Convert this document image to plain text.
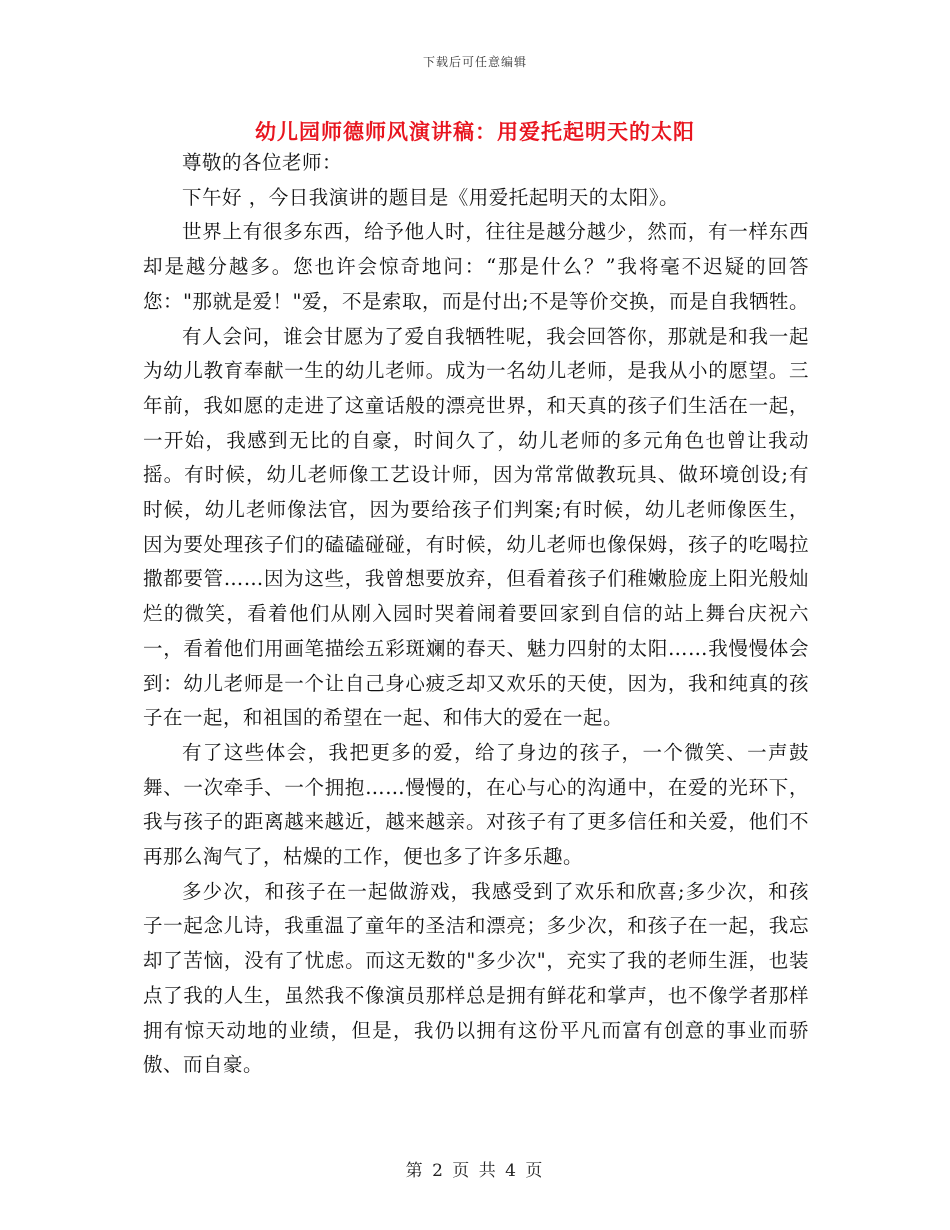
下载后可任意编辑
幼儿园师德师风演讲稿：用爱托起明天的太阳

尊敬的各位老师：

下午好 ，今日我演讲的题目是《用爱托起明天的太阳》。

世界上有很多东西，给予他人时，往往是越分越少，然而，有一样东西却是越分越多。您也许会惊奇地问：“那是什么？”我将毫不迟疑的回答您："那就是爱！"爱，不是索取，而是付出;不是等价交换，而是自我牺牲。

有人会问，谁会甘愿为了爱自我牺牲呢，我会回答你，那就是和我一起为幼儿教育奉献一生的幼儿老师。成为一名幼儿老师，是我从小的愿望。三年前，我如愿的走进了这童话般的漂亮世界，和天真的孩子们生活在一起，一开始，我感到无比的自豪，时间久了，幼儿老师的多元角色也曾让我动摇。有时候，幼儿老师像工艺设计师，因为常常做教玩具、做环境创设;有时候，幼儿老师像法官，因为要给孩子们判案;有时候，幼儿老师像医生，因为要处理孩子们的磕磕碰碰，有时候，幼儿老师也像保姆，孩子的吃喝拉撒都要管……因为这些，我曾想要放弃，但看着孩子们稚嫩脸庞上阳光般灿烂的微笑，看着他们从刚入园时哭着闹着要回家到自信的站上舞台庆祝六一，看着他们用画笔描绘五彩斑斓的春天、魅力四射的太阳……我慢慢体会到：幼儿老师是一个让自己身心疲乏却又欢乐的天使，因为，我和纯真的孩子在一起，和祖国的希望在一起、和伟大的爱在一起。

有了这些体会，我把更多的爱，给了身边的孩子，一个微笑、一声鼓舞、一次牵手、一个拥抱……慢慢的，在心与心的沟通中，在爱的光环下，我与孩子的距离越来越近，越来越亲。对孩子有了更多信任和关爱，他们不再那么淘气了，枯燥的工作，便也多了许多乐趣。

多少次，和孩子在一起做游戏，我感受到了欢乐和欣喜;多少次，和孩子一起念儿诗，我重温了童年的圣洁和漂亮；多少次，和孩子在一起，我忘却了苦恼，没有了忧虑。而这无数的"多少次"，充实了我的老师生涯，也装点了我的人生，虽然我不像演员那样总是拥有鲜花和掌声，也不像学者那样拥有惊天动地的业绩，但是，我仍以拥有这份平凡而富有创意的事业而骄傲、而自豪。

第 2 页 共 4 页
